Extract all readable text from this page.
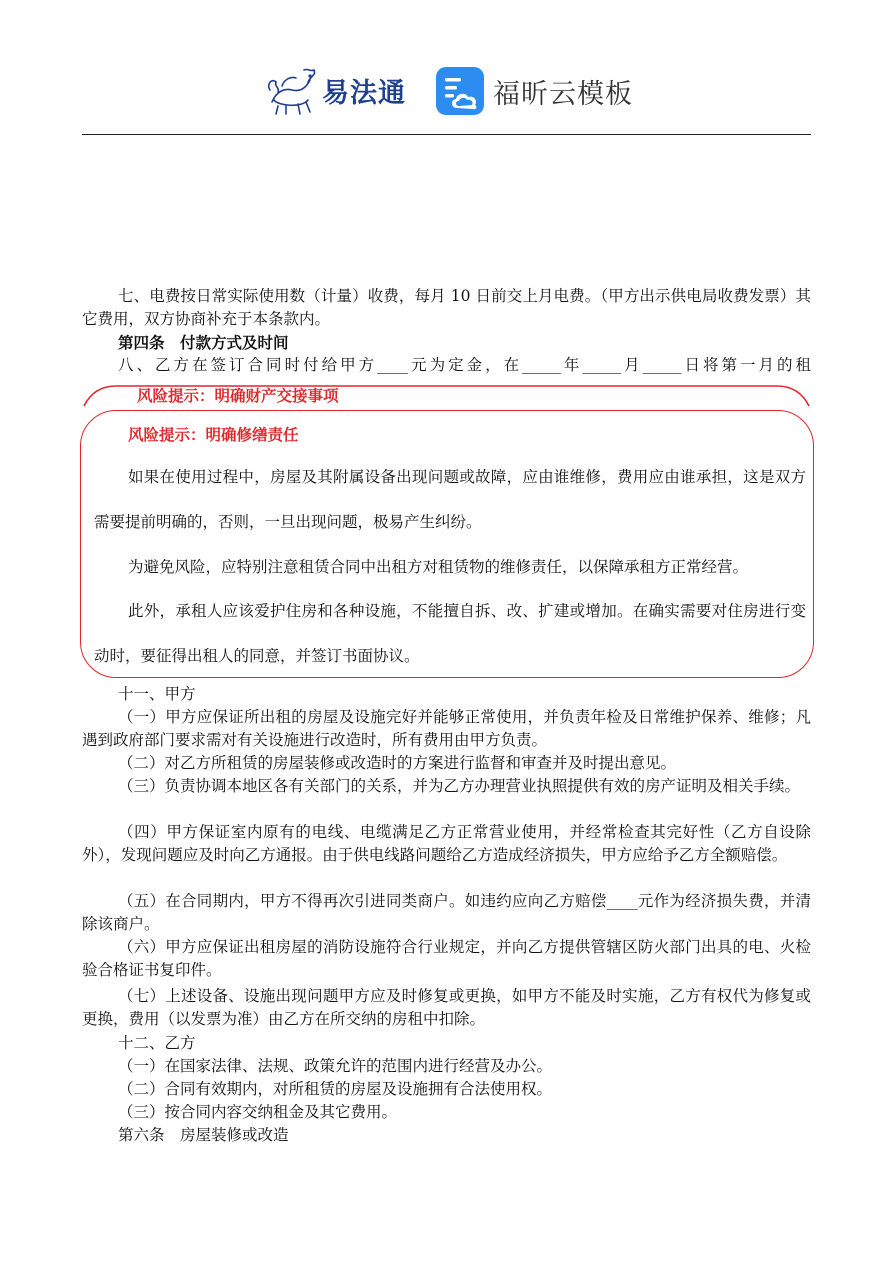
易法通	福昕云模板

七、电费按日常实际使用数（计量）收费，每月 10 日前交上月电费。（甲方出示供电局收费发票）其它费用，双方协商补充于本条款内。

第四条　付款方式及时间

八、乙方在签订合同时付给甲方____元为定金，在_____年_____月_____日将第一月的租

风险提示：明确财产交接事项
风险提示：明确修缮责任

如果在使用过程中，房屋及其附属设备出现问题或故障，应由谁维修，费用应由谁承担，这是双方需要提前明确的，否则，一旦出现问题，极易产生纠纷。

为避免风险，应特别注意租赁合同中出租方对租赁物的维修责任，以保障承租方正常经营。

此外，承租人应该爱护住房和各种设施，不能擅自拆、改、扩建或增加。在确实需要对住房进行变动时，要征得出租人的同意，并签订书面协议。

十一、甲方

（一）甲方应保证所出租的房屋及设施完好并能够正常使用，并负责年检及日常维护保养、维修；凡遇到政府部门要求需对有关设施进行改造时，所有费用由甲方负责。

（二）对乙方所租赁的房屋装修或改造时的方案进行监督和审查并及时提出意见。

（三）负责协调本地区各有关部门的关系，并为乙方办理营业执照提供有效的房产证明及相关手续。

（四）甲方保证室内原有的电线、电缆满足乙方正常营业使用，并经常检查其完好性（乙方自设除外），发现问题应及时向乙方通报。由于供电线路问题给乙方造成经济损失，甲方应给予乙方全额赔偿。

（五）在合同期内，甲方不得再次引进同类商户。如违约应向乙方赔偿____元作为经济损失费，并清除该商户。

（六）甲方应保证出租房屋的消防设施符合行业规定，并向乙方提供管辖区防火部门出具的电、火检验合格证书复印件。

（七）上述设备、设施出现问题甲方应及时修复或更换，如甲方不能及时实施，乙方有权代为修复或更换，费用（以发票为准）由乙方在所交纳的房租中扣除。

十二、乙方

（一）在国家法律、法规、政策允许的范围内进行经营及办公。

（二）合同有效期内，对所租赁的房屋及设施拥有合法使用权。

（三）按合同内容交纳租金及其它费用。

第六条　房屋装修或改造
